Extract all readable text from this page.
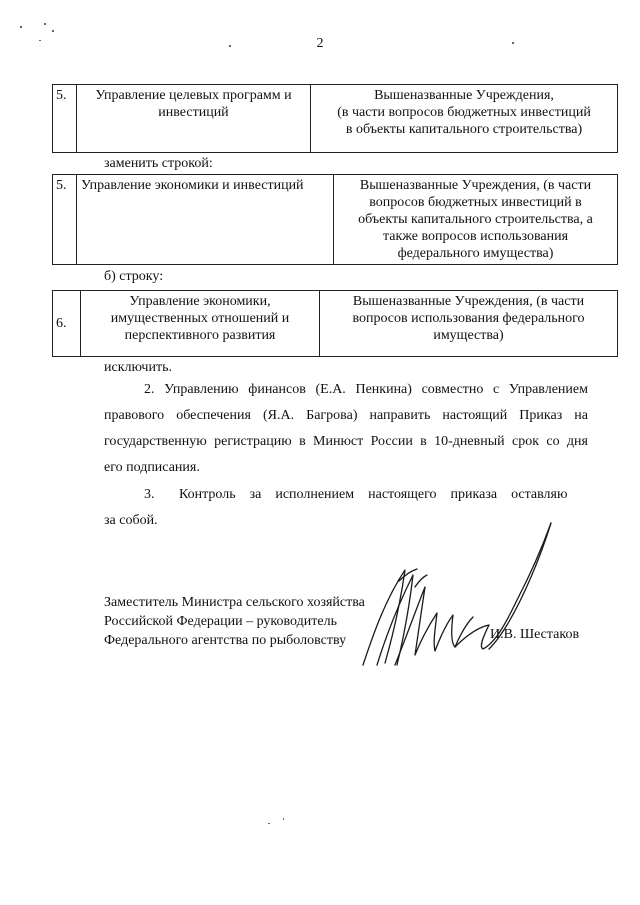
2
5.	Управление целевых программ и
инвестиций	Вышеназванные Учреждения,
(в части вопросов бюджетных инвестиций
в объекты капитального строительства)
заменить строкой:
5.	Управление экономики и инвестиций	Вышеназванные Учреждения, (в части
вопросов бюджетных инвестиций в
объекты капитального строительства, а
также вопросов использования
федерального имущества)
б) строку:
6.	Управление экономики,
имущественных отношений и
перспективного развития	Вышеназванные Учреждения, (в части
вопросов использования федерального
имущества)
исключить.
2. Управлению финансов (Е.А. Пенкина) совместно с Управлением
правового обеспечения (Я.А. Багрова) направить настоящий Приказ на
государственную регистрацию в Минюст России в 10-дневный срок со дня
его подписания.
3.       Контроль    за    исполнением    настоящего    приказа    оставляю
за собой.
Заместитель Министра сельского хозяйства
Российской Федерации – руководитель
Федерального агентства по рыболовству	И.В. Шестаков
